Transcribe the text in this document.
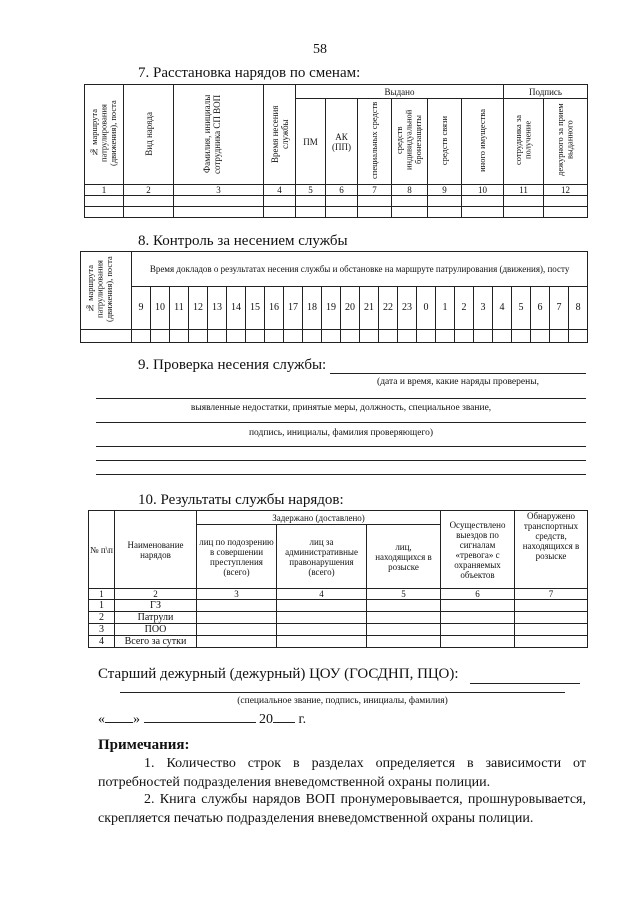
58
7. Расстановка нарядов по сменам:
№ маршрута патрулирования (движения), поста	Вид наряда	Фамилия, инициалы сотрудника СП ВОП	Время несения службы	Выдано						Подпись	
				ПМ	АК (ПП)	специальных средств	средств индивидуальной бронезащиты	средств связи	иного имущества	сотрудника за получение	дежурного за прием выданного
1	2	3	4	5	6	7	8	9	10	11	12

8. Контроль за несением службы
№ маршрута патрулирования (движения), поста	Время докладов о результатах несения службы и обстановке на маршруте патрулирования (движения), посту																							
	9	10	11	12	13	14	15	16	17	18	19	20	21	22	23	0	1	2	3	4	5	6	7	8

9. Проверка несения службы:
(дата и время, какие наряды проверены,
выявленные недостатки, принятые меры, должность, специальное звание,
подпись, инициалы, фамилия проверяющего)
10. Результаты службы нарядов:
№ п\п	Наименование нарядов	Задержано (доставлено)			Осуществлено выездов по сигналам «тревога» с охраняемых объектов	Обнаружено транспортных средств, находящихся в розыске
		лиц по подозрению в совершении преступления (всего)	лиц за административные правонарушения (всего)	лиц, находящихся в розыске		
1	2	3	4	5	6	7
1	ГЗ					
2	Патрули					
3	ПОО					
4	Всего за сутки					
Старший дежурный (дежурный) ЦОУ (ГОСДНП, ПЦО):
(специальное звание, подпись, инициалы, фамилия)
« »	20 г.
Примечания:
1. Количество строк в разделах определяется в зависимости от потребностей подразделения вневедомственной охраны полиции.
2. Книга службы нарядов ВОП пронумеровывается, прошнуровывается, скрепляется печатью подразделения вневедомственной охраны полиции.
